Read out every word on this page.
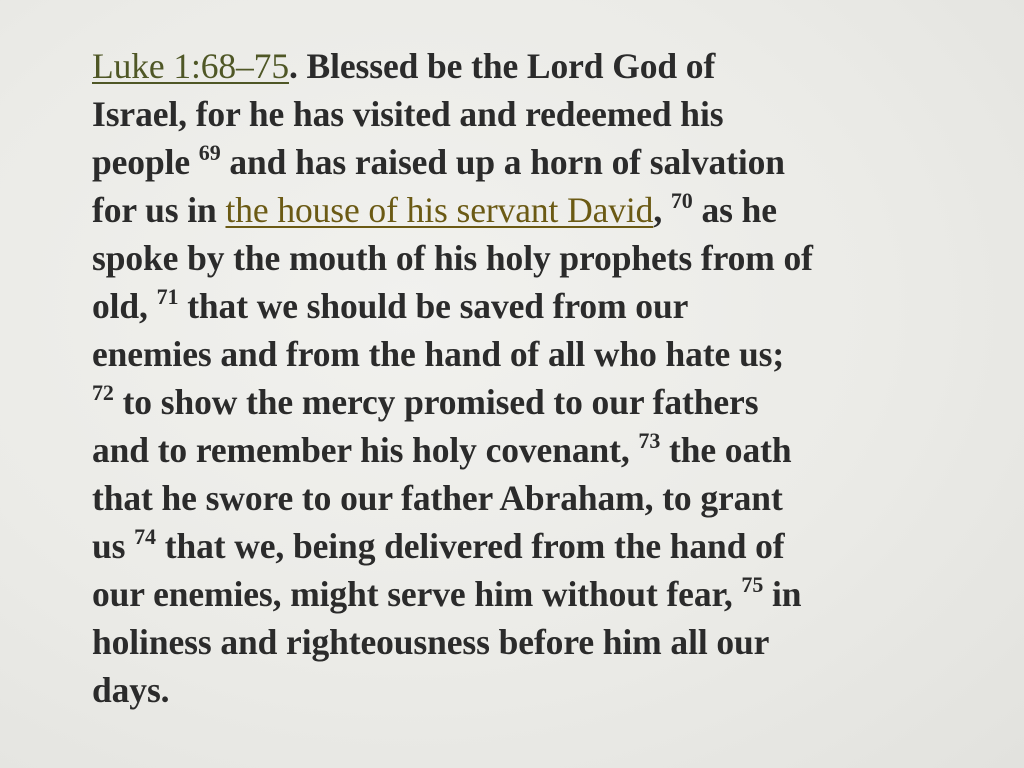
Luke 1:68–75. Blessed be the Lord God of
Israel, for he has visited and redeemed his
people $^{69}$ and has raised up a horn of salvation
for us in the house of his servant David, $^{70}$ as he
spoke by the mouth of his holy prophets from of
old, $^{71}$ that we should be saved from our
enemies and from the hand of all who hate us;
$^{72}$ to show the mercy promised to our fathers
and to remember his holy covenant, $^{73}$ the oath
that he swore to our father Abraham, to grant
us $^{74}$ that we, being delivered from the hand of
our enemies, might serve him without fear, $^{75}$ in
holiness and righteousness before him all our
days.
